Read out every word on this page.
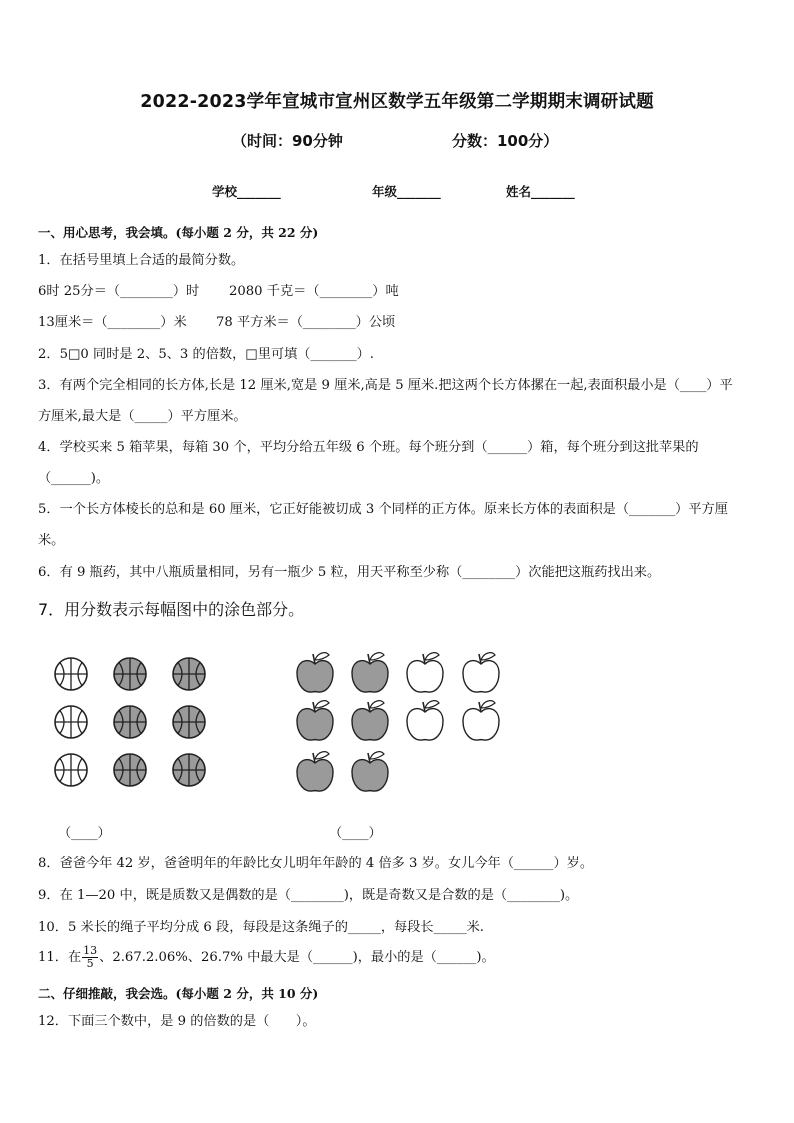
2022-2023学年宣城市宣州区数学五年级第二学期期末调研试题
（时间：90分钟	分数：100分）
学校_______	年级_______	姓名_______
一、用心思考，我会填。(每小题 2 分，共 22 分)
1．在括号里填上合适的最简分数。
6时 25分＝（________）时 2080 千克＝（________）吨
13厘米＝（________）米 78 平方米＝（________）公顷
2．5□0 同时是 2、5、3 的倍数，□里可填（_______）.
3．有两个完全相同的长方体,长是 12 厘米,宽是 9 厘米,高是 5 厘米.把这两个长方体摞在一起,表面积最小是（____）平
方厘米,最大是（_____）平方厘米。
4．学校买来 5 箱苹果，每箱 30 个，平均分给五年级 6 个班。每个班分到（______）箱，每个班分到这批苹果的
（______)。
5．一个长方体棱长的总和是 60 厘米，它正好能被切成 3 个同样的正方体。原来长方体的表面积是（_______）平方厘
米。
6．有 9 瓶药，其中八瓶质量相同，另有一瓶少 5 粒，用天平称至少称（________）次能把这瓶药找出来。
7．用分数表示每幅图中的涂色部分。
（____）	（____）
8．爸爸今年 42 岁，爸爸明年的年龄比女儿明年年龄的 4 倍多 3 岁。女儿今年（______）岁。
9．在 1—20 中，既是质数又是偶数的是（________)，既是奇数又是合数的是（________)。
10．5 米长的绳子平均分成 6 段，每段是这条绳子的_____，每段长_____米.
11．在 $\frac{13}{5}$ 、2.67.2.06%、26.7% 中最大是（______)，最小的是（______)。
二、仔细推敲，我会选。(每小题 2 分，共 10 分)
12．下面三个数中，是 9 的倍数的是（　　）。
